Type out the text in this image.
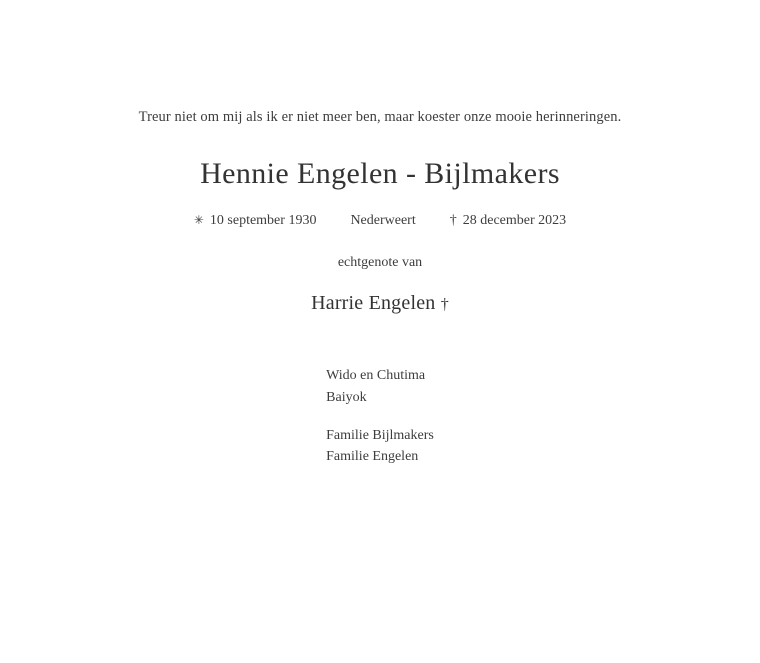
Treur niet om mij als ik er niet meer ben, maar koester onze mooie herinneringen.
Hennie Engelen - Bijlmakers
✳ 10 september 1930 Nederweert † 28 december 2023
echtgenote van
Harrie Engelen †
Wido en Chutima
Baiyok
Familie Bijlmakers
Familie Engelen
